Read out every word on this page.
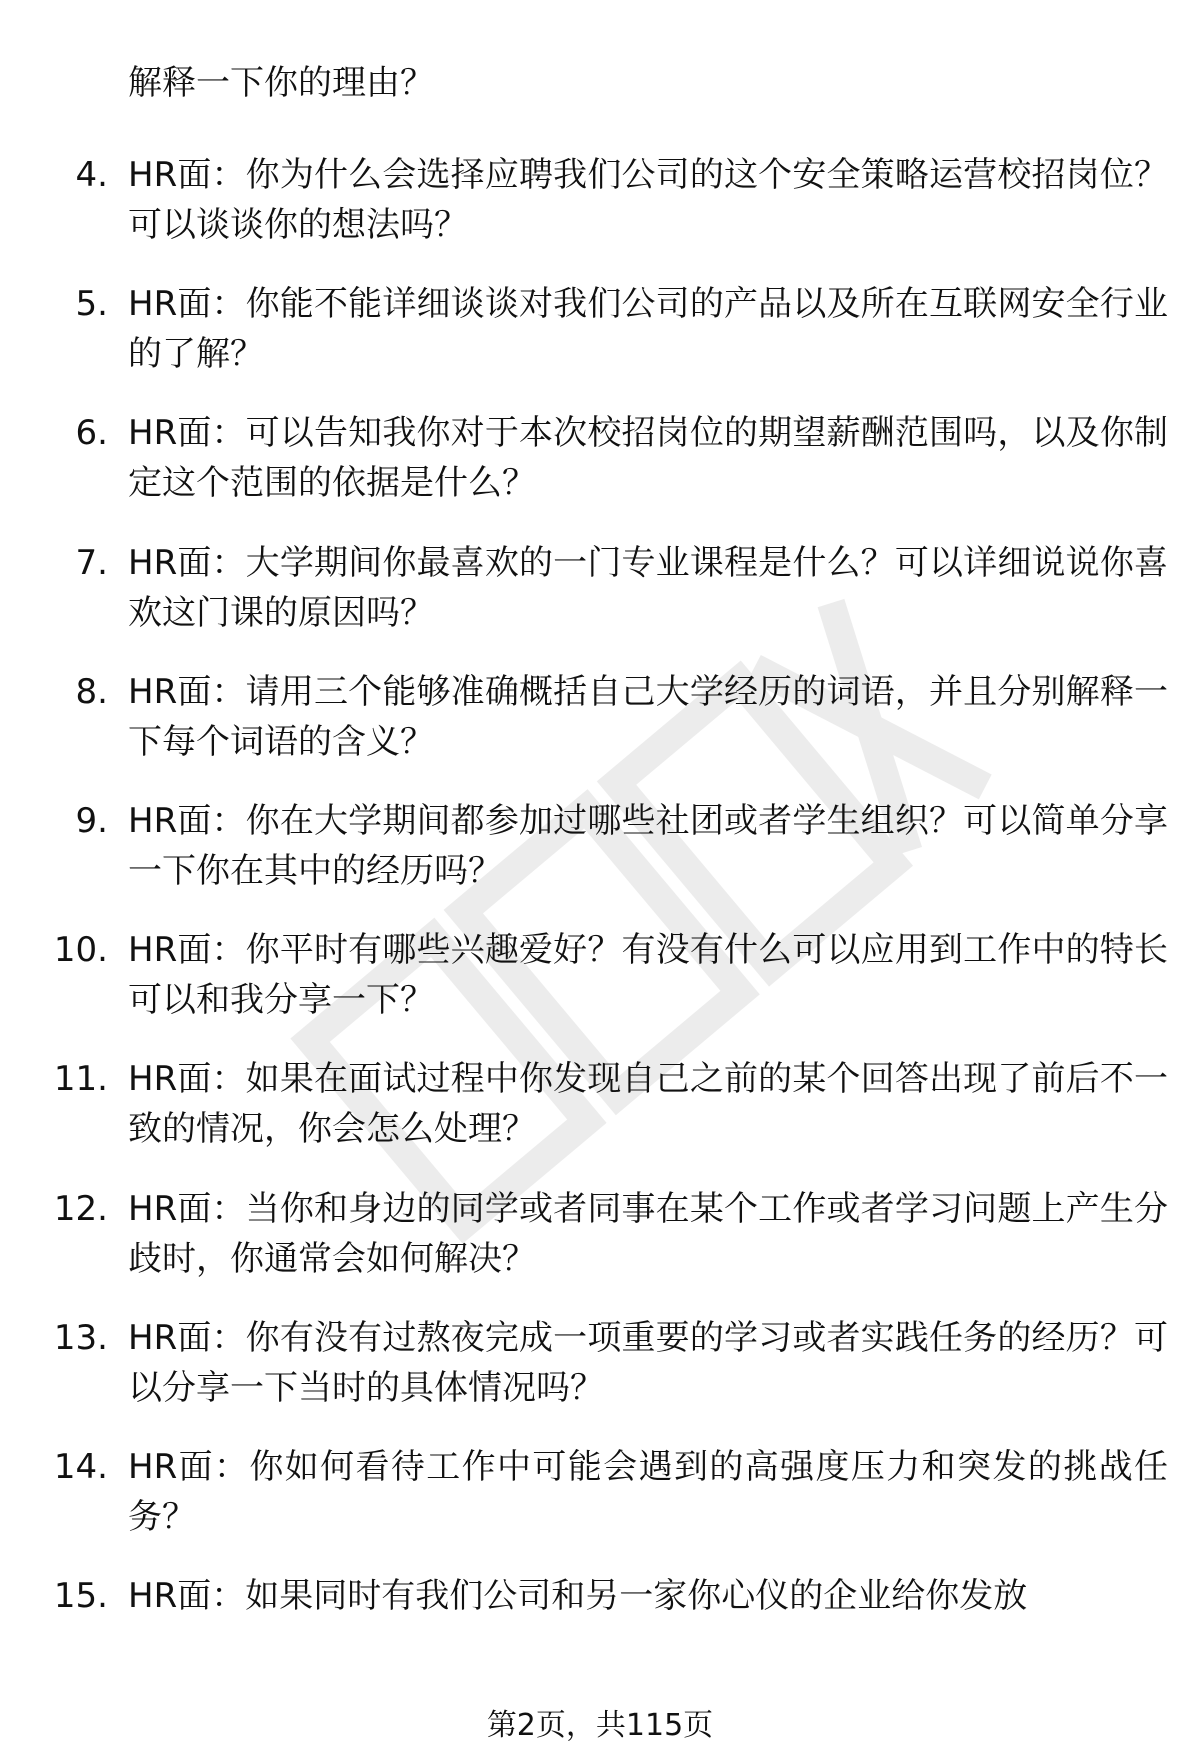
解释一下你的理由？
4. HR面：你为什么会选择应聘我们公司的这个安全策略运营校招岗位？可以谈谈你的想法吗？
5. HR面：你能不能详细谈谈对我们公司的产品以及所在互联网安全行业的了解？
6. HR面：可以告知我你对于本次校招岗位的期望薪酬范围吗，以及你制定这个范围的依据是什么？
7. HR面：大学期间你最喜欢的一门专业课程是什么？可以详细说说你喜欢这门课的原因吗？
8. HR面：请用三个能够准确概括自己大学经历的词语，并且分别解释一下每个词语的含义？
9. HR面：你在大学期间都参加过哪些社团或者学生组织？可以简单分享一下你在其中的经历吗？
10. HR面：你平时有哪些兴趣爱好？有没有什么可以应用到工作中的特长可以和我分享一下？
11. HR面：如果在面试过程中你发现自己之前的某个回答出现了前后不一致的情况，你会怎么处理？
12. HR面：当你和身边的同学或者同事在某个工作或者学习问题上产生分歧时，你通常会如何解决？
13. HR面：你有没有过熬夜完成一项重要的学习或者实践任务的经历？可以分享一下当时的具体情况吗？
14. HR面：你如何看待工作中可能会遇到的高强度压力和突发的挑战任务？
15. HR面：如果同时有我们公司和另一家你心仪的企业给你发放
第2页，共115页
